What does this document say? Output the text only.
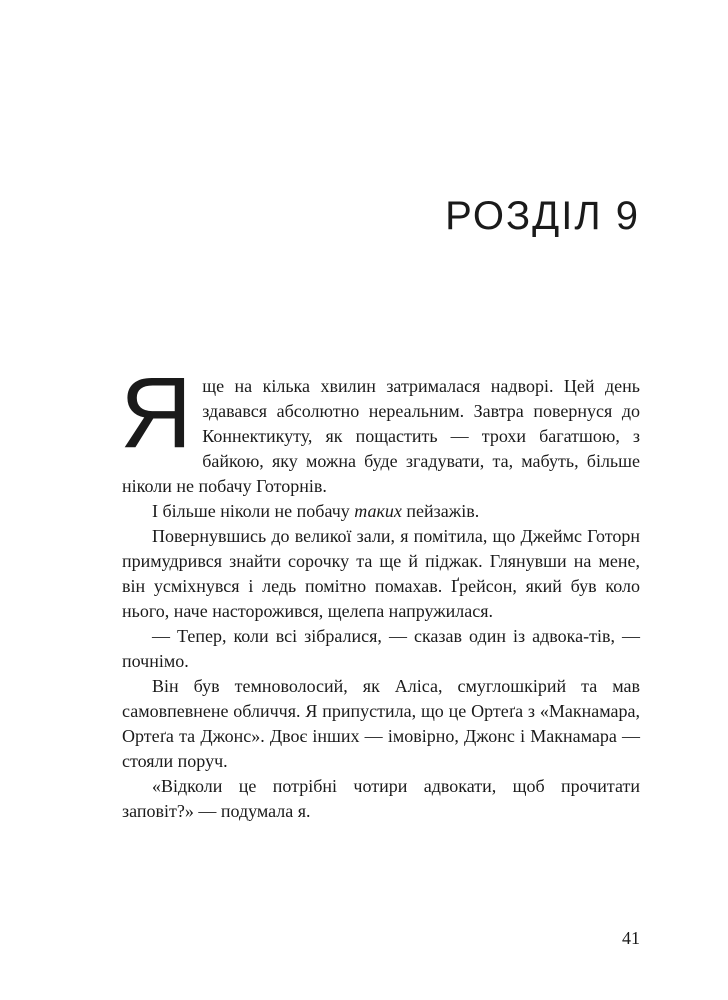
РОЗДІЛ 9

Яще на кілька хвилин затрималася надворі. Цей день здавався абсолютно нереальним. Завтра повернуся до Коннектикуту, як пощастить — трохи багатшою, з байкою, яку можна буде згадувати, та, мабуть, більше ніколи не побачу Готорнів.

І більше ніколи не побачу таких пейзажів.

Повернувшись до великої зали, я помітила, що Джеймс Готорн примудрився знайти сорочку та ще й піджак. Глянувши на мене, він усміхнувся і ледь помітно помахав. Ґрейсон, який був коло нього, наче насторожився, щелепа напружилася.

— Тепер, коли всі зібралися, — сказав один із адвока-тів, — почнімо.

Він був темноволосий, як Аліса, смуглошкірий та мав самовпевнене обличчя. Я припустила, що це Ортеґа з «Макнамара, Ортеґа та Джонс». Двоє інших — імовірно, Джонс і Макнамара — стояли поруч.

«Відколи це потрібні чотири адвокати, щоб прочитати заповіт?» — подумала я.

41
